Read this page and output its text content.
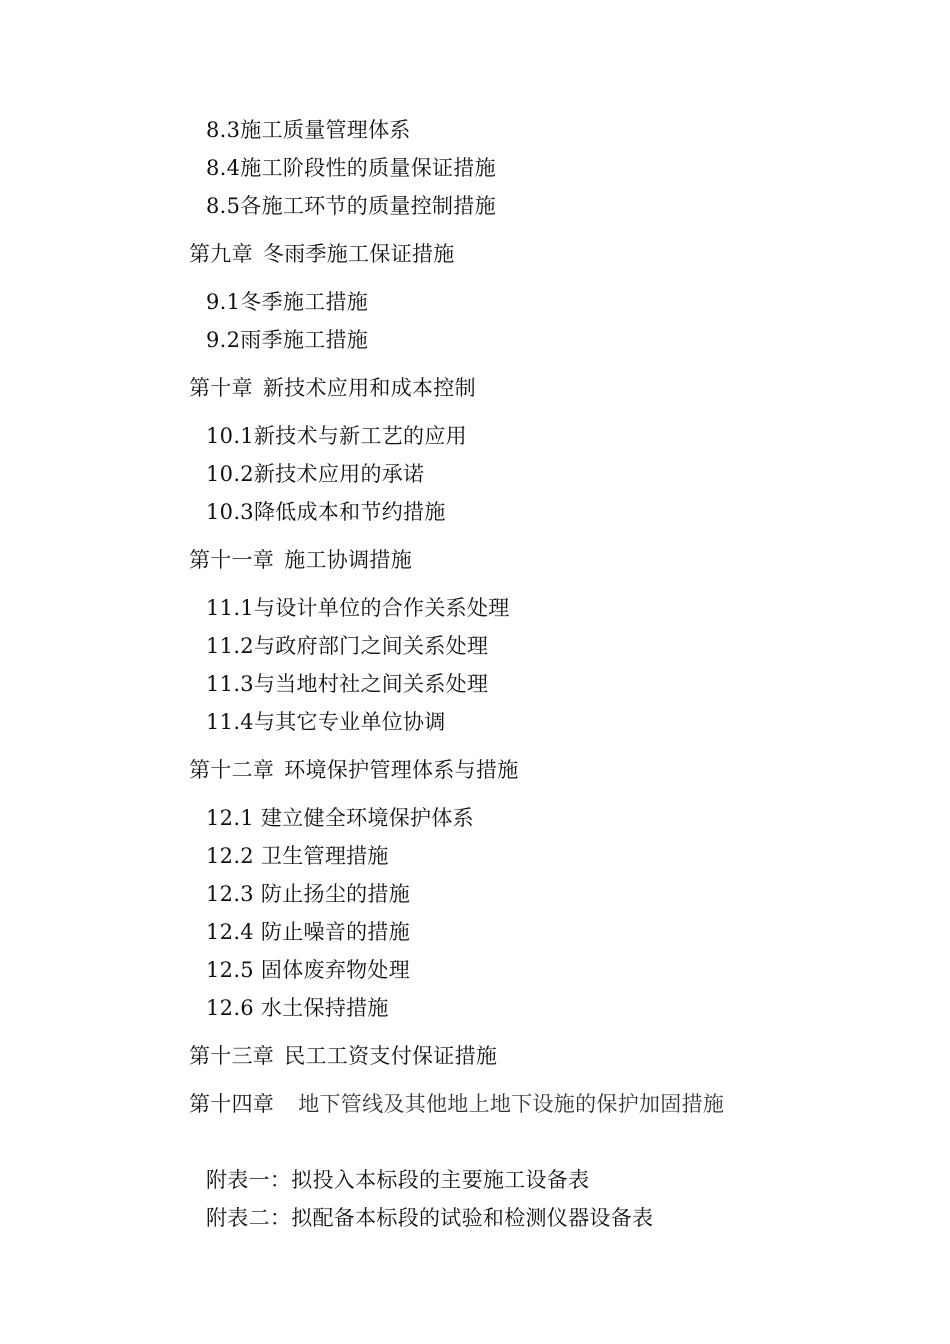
8.3施工质量管理体系
8.4施工阶段性的质量保证措施
8.5各施工环节的质量控制措施
第九章 冬雨季施工保证措施
9.1冬季施工措施
9.2雨季施工措施
第十章 新技术应用和成本控制
10.1新技术与新工艺的应用
10.2新技术应用的承诺
10.3降低成本和节约措施
第十一章 施工协调措施
11.1与设计单位的合作关系处理
11.2与政府部门之间关系处理
11.3与当地村社之间关系处理
11.4与其它专业单位协调
第十二章 环境保护管理体系与措施
12.1 建立健全环境保护体系
12.2 卫生管理措施
12.3 防止扬尘的措施
12.4 防止噪音的措施
12.5 固体废弃物处理
12.6 水土保持措施
第十三章 民工工资支付保证措施
第十四章 地下管线及其他地上地下设施的保护加固措施
附表一：拟投入本标段的主要施工设备表
附表二：拟配备本标段的试验和检测仪器设备表
